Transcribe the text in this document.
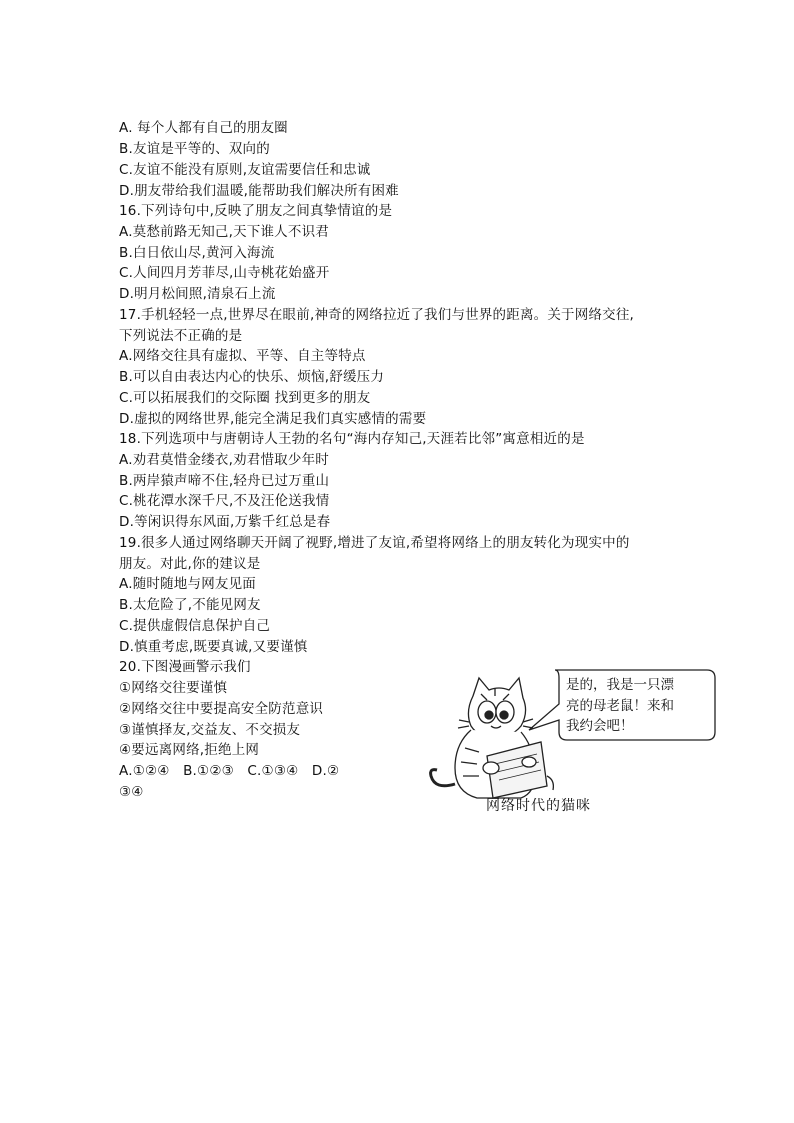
A. 每个人都有自己的朋友圈
B.友谊是平等的、双向的
C.友谊不能没有原则,友谊需要信任和忠诚
D.朋友带给我们温暖,能帮助我们解决所有困难
16.下列诗句中,反映了朋友之间真挚情谊的是
A.莫愁前路无知己,天下谁人不识君
B.白日依山尽,黄河入海流
C.人间四月芳菲尽,山寺桃花始盛开
D.明月松间照,清泉石上流
17.手机轻轻一点,世界尽在眼前,神奇的网络拉近了我们与世界的距离。关于网络交往,
下列说法不正确的是
A.网络交往具有虚拟、平等、自主等特点
B.可以自由表达内心的快乐、烦恼,舒缓压力
C.可以拓展我们的交际圈 找到更多的朋友
D.虚拟的网络世界,能完全满足我们真实感情的需要
18.下列选项中与唐朝诗人王勃的名句“海内存知己,天涯若比邻”寓意相近的是
A.劝君莫惜金缕衣,劝君惜取少年时
B.两岸猿声啼不住,轻舟已过万重山
C.桃花潭水深千尺,不及汪伦送我情
D.等闲识得东风面,万紫千红总是春
19.很多人通过网络聊天开阔了视野,增进了友谊,希望将网络上的朋友转化为现实中的
朋友。对此,你的建议是
A.随时随地与网友见面
B.太危险了,不能见网友
C.提供虚假信息保护自己
D.慎重考虑,既要真诚,又要谨慎
20.下图漫画警示我们
①网络交往要谨慎
②网络交往中要提高安全防范意识
③谨慎择友,交益友、不交损友
④要远离网络,拒绝上网
A.①②④   B.①②③   C.①③④   D.②
③④
是的，我是一只漂
亮的母老鼠！来和
我约会吧！
网络时代的猫咪
